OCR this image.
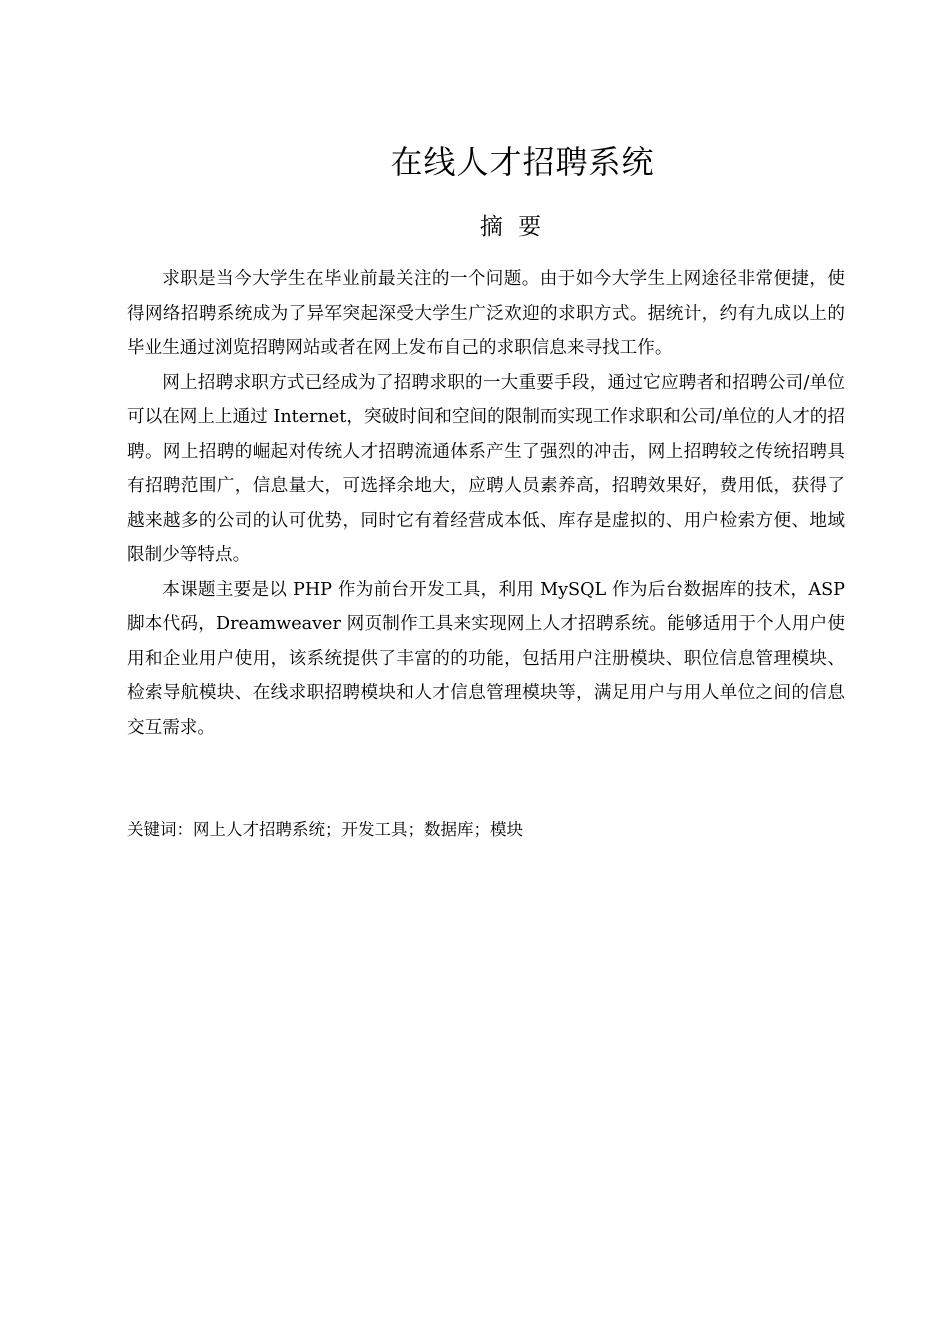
在线人才招聘系统
摘 要

求职是当今大学生在毕业前最关注的一个问题。由于如今大学生上网途径非常便捷，使得网络招聘系统成为了异军突起深受大学生广泛欢迎的求职方式。据统计，约有九成以上的毕业生通过浏览招聘网站或者在网上发布自己的求职信息来寻找工作。

网上招聘求职方式已经成为了招聘求职的一大重要手段，通过它应聘者和招聘公司/单位可以在网上上通过 Internet，突破时间和空间的限制而实现工作求职和公司/单位的人才的招聘。网上招聘的崛起对传统人才招聘流通体系产生了强烈的冲击，网上招聘较之传统招聘具有招聘范围广，信息量大，可选择余地大，应聘人员素养高，招聘效果好，费用低，获得了越来越多的公司的认可优势，同时它有着经营成本低、库存是虚拟的、用户检索方便、地域限制少等特点。

本课题主要是以 PHP 作为前台开发工具，利用 MySQL 作为后台数据库的技术，ASP 脚本代码，Dreamweaver 网页制作工具来实现网上人才招聘系统。能够适用于个人用户使用和企业用户使用，该系统提供了丰富的的功能，包括用户注册模块、职位信息管理模块、检索导航模块、在线求职招聘模块和人才信息管理模块等，满足用户与用人单位之间的信息交互需求。

关键词：网上人才招聘系统；开发工具；数据库；模块
